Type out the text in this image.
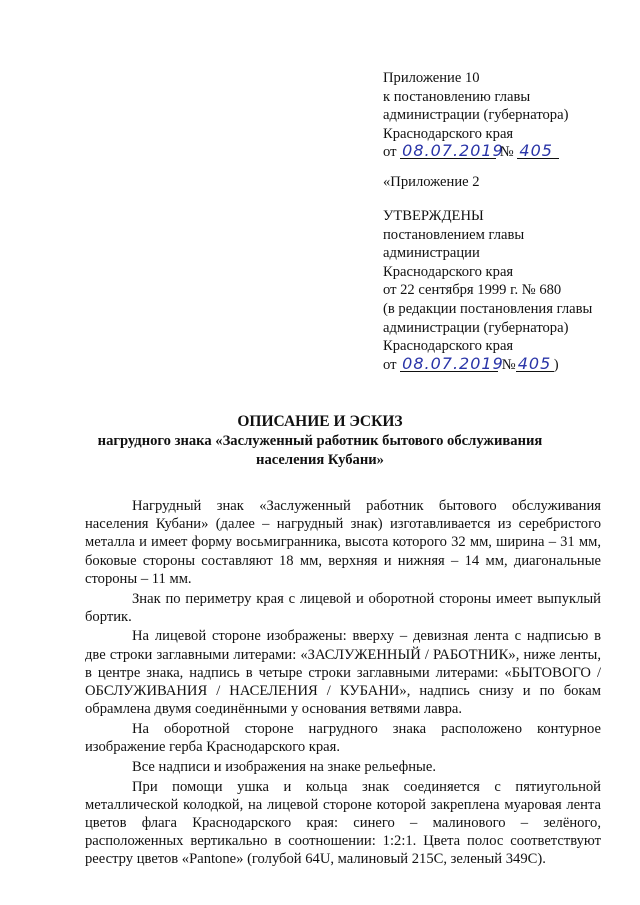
Приложение 10
к постановлению главы
администрации (губернатора)
Краснодарского края
от 08.07.2019 № 405
«Приложение 2
УТВЕРЖДЕНЫ
постановлением главы
администрации
Краснодарского края
от 22 сентября 1999 г. № 680
(в редакции постановления главы
администрации (губернатора)
Краснодарского края
от 08.07.2019 № 405 )
ОПИСАНИЕ И ЭСКИЗ
нагрудного знака «Заслуженный работник бытового обслуживания
населения Кубани»

Нагрудный знак «Заслуженный работник бытового обслуживания населения Кубани» (далее – нагрудный знак) изготавливается из серебристого металла и имеет форму восьмигранника, высота которого 32 мм, ширина – 31 мм, боковые стороны составляют 18 мм, верхняя и нижняя – 14 мм, диагональные стороны – 11 мм.

Знак по периметру края с лицевой и оборотной стороны имеет выпуклый бортик.

На лицевой стороне изображены: вверху – девизная лента с надписью в две строки заглавными литерами: «ЗАСЛУЖЕННЫЙ / РАБОТНИК», ниже ленты, в центре знака, надпись в четыре строки заглавными литерами: «БЫТОВОГО / ОБСЛУЖИВАНИЯ / НАСЕЛЕНИЯ / КУБАНИ», надпись снизу и по бокам обрамлена двумя соединёнными у основания ветвями лавра.

На оборотной стороне нагрудного знака расположено контурное изображение герба Краснодарского края.

Все надписи и изображения на знаке рельефные.

При помощи ушка и кольца знак соединяется с пятиугольной металлической колодкой, на лицевой стороне которой закреплена муаровая лента цветов флага Краснодарского края: синего – малинового – зелёного, расположенных вертикально в соотношении: 1:2:1. Цвета полос соответствуют реестру цветов «Pantone» (голубой 64U, малиновый 215C, зеленый 349C).
